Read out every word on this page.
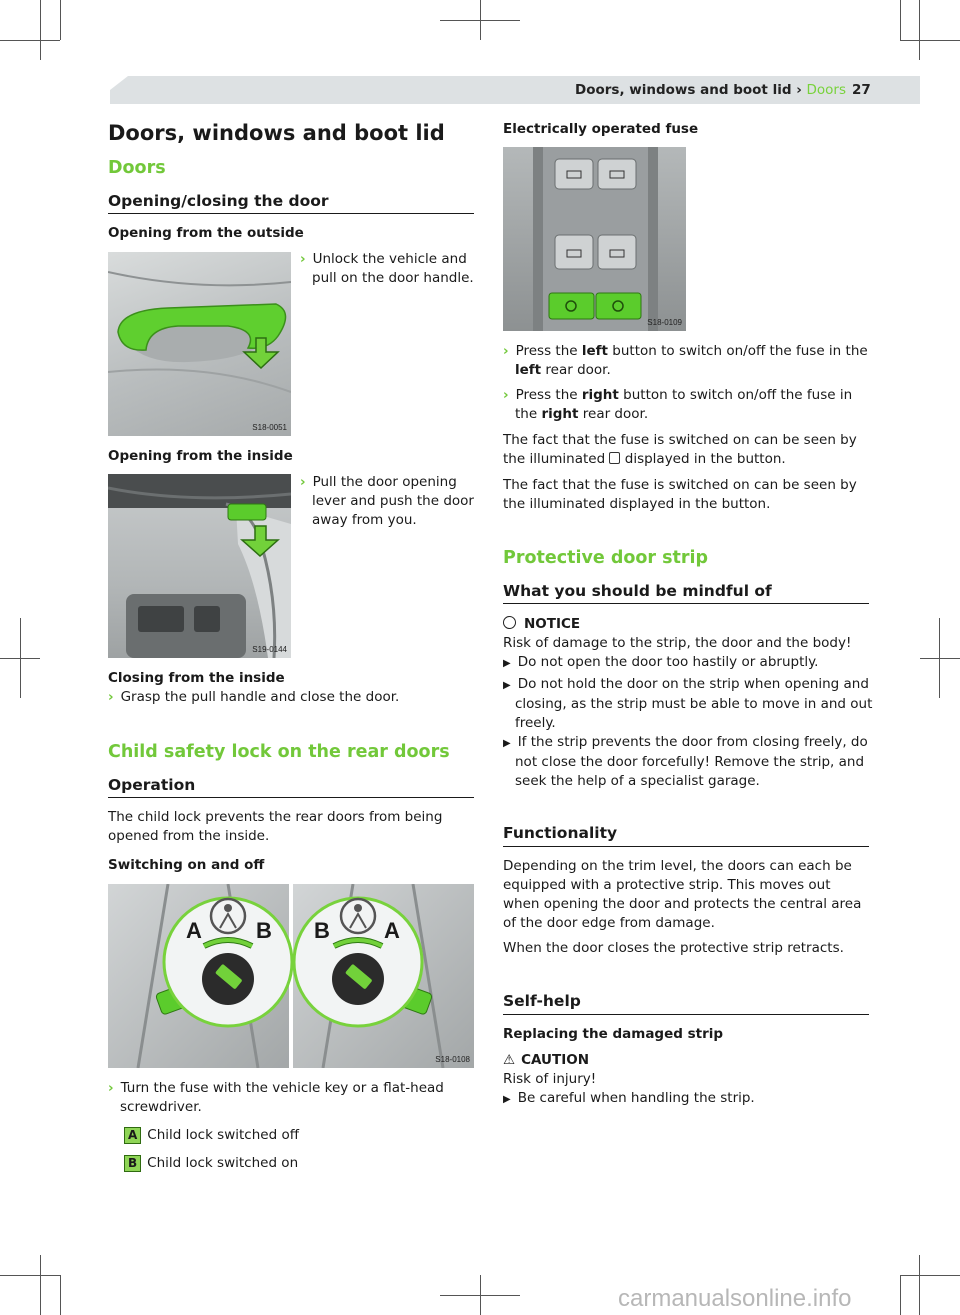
Doors, windows and boot lid › Doors 27
Doors, windows and boot lid
Doors
Opening/closing the door
Opening from the outside
S18-0051

› Unlock the vehicle and pull on the door handle.

Opening from the inside
S19-0144

› Pull the door opening lever and push the door away from you.

Closing from the inside

› Grasp the pull handle and close the door.

Child safety lock on the rear doors
Operation

The child lock prevents the rear doors from being opened from the inside.

Switching on and off
A B B A
S18-0108

› Turn the fuse with the vehicle key or a flat-head screwdriver.

A Child lock switched off

B Child lock switched on

Electrically operated fuse
S18-0109

› Press the left button to switch on/off the fuse in the left rear door.

› Press the right button to switch on/off the fuse in the right rear door.

The fact that the fuse is switched on can be seen by the illuminated  displayed in the button.

The fact that the fuse is switched on can be seen by the illuminated displayed in the button.

Protective door strip
What you should be mindful of

NOTICE

Risk of damage to the strip, the door and the body!

▶ Do not open the door too hastily or abruptly.

▶ Do not hold the door on the strip when opening and closing, as the strip must be able to move in and out freely.

▶ If the strip prevents the door from closing freely, do not close the door forcefully! Remove the strip, and seek the help of a specialist garage.

Functionality

Depending on the trim level, the doors can each be equipped with a protective strip. This moves out when opening the door and protects the central area of the door edge from damage.

When the door closes the protective strip retracts.

Self-help
Replacing the damaged strip

⚠ CAUTION

Risk of injury!

▶ Be careful when handling the strip.

carmanualsonline.info
